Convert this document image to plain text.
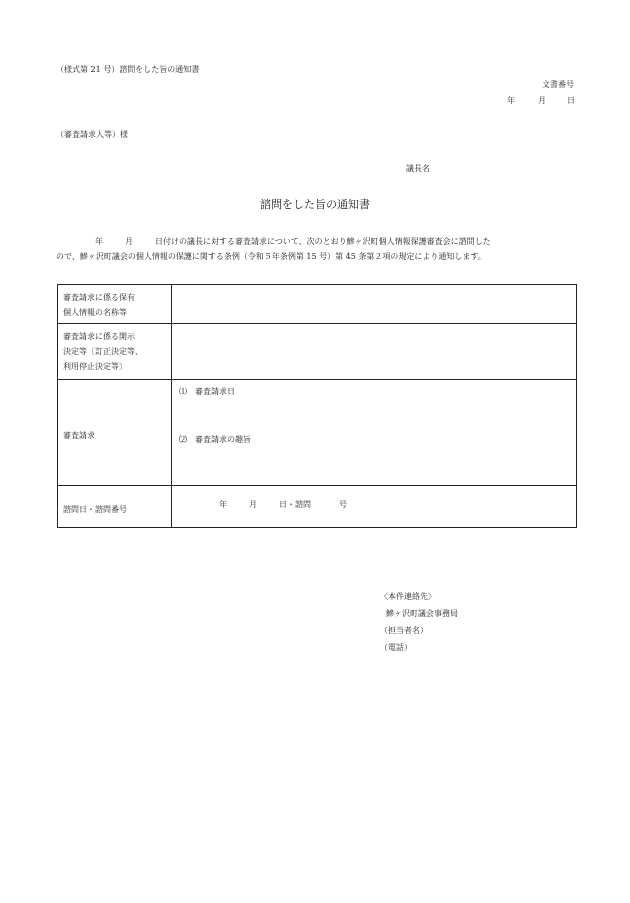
（様式第 21 号）諮問をした旨の通知書
文書番号
年	月	日
（審査請求人等）様
議長名
諮問をした旨の通知書
年	月	日付けの議長に対する審査請求について、次のとおり鰺ヶ沢町個人情報保護審査会に諮問した
ので、鰺ヶ沢町議会の個人情報の保護に関する条例（令和５年条例第 15 号）第 45 条第２項の規定により通知します。
審査請求に係る保有
個人情報の名称等	

審査請求に係る開示
決定等〔訂正決定等、
利用停止決定等〕	

審査請求	⑴　審査請求日
⑵　審査請求の趣旨

諮問日・諮問番号	年 月 日・諮問 号
〈本件連絡先〉
鰺ヶ沢町議会事務局
（担当者名）
（電話）
